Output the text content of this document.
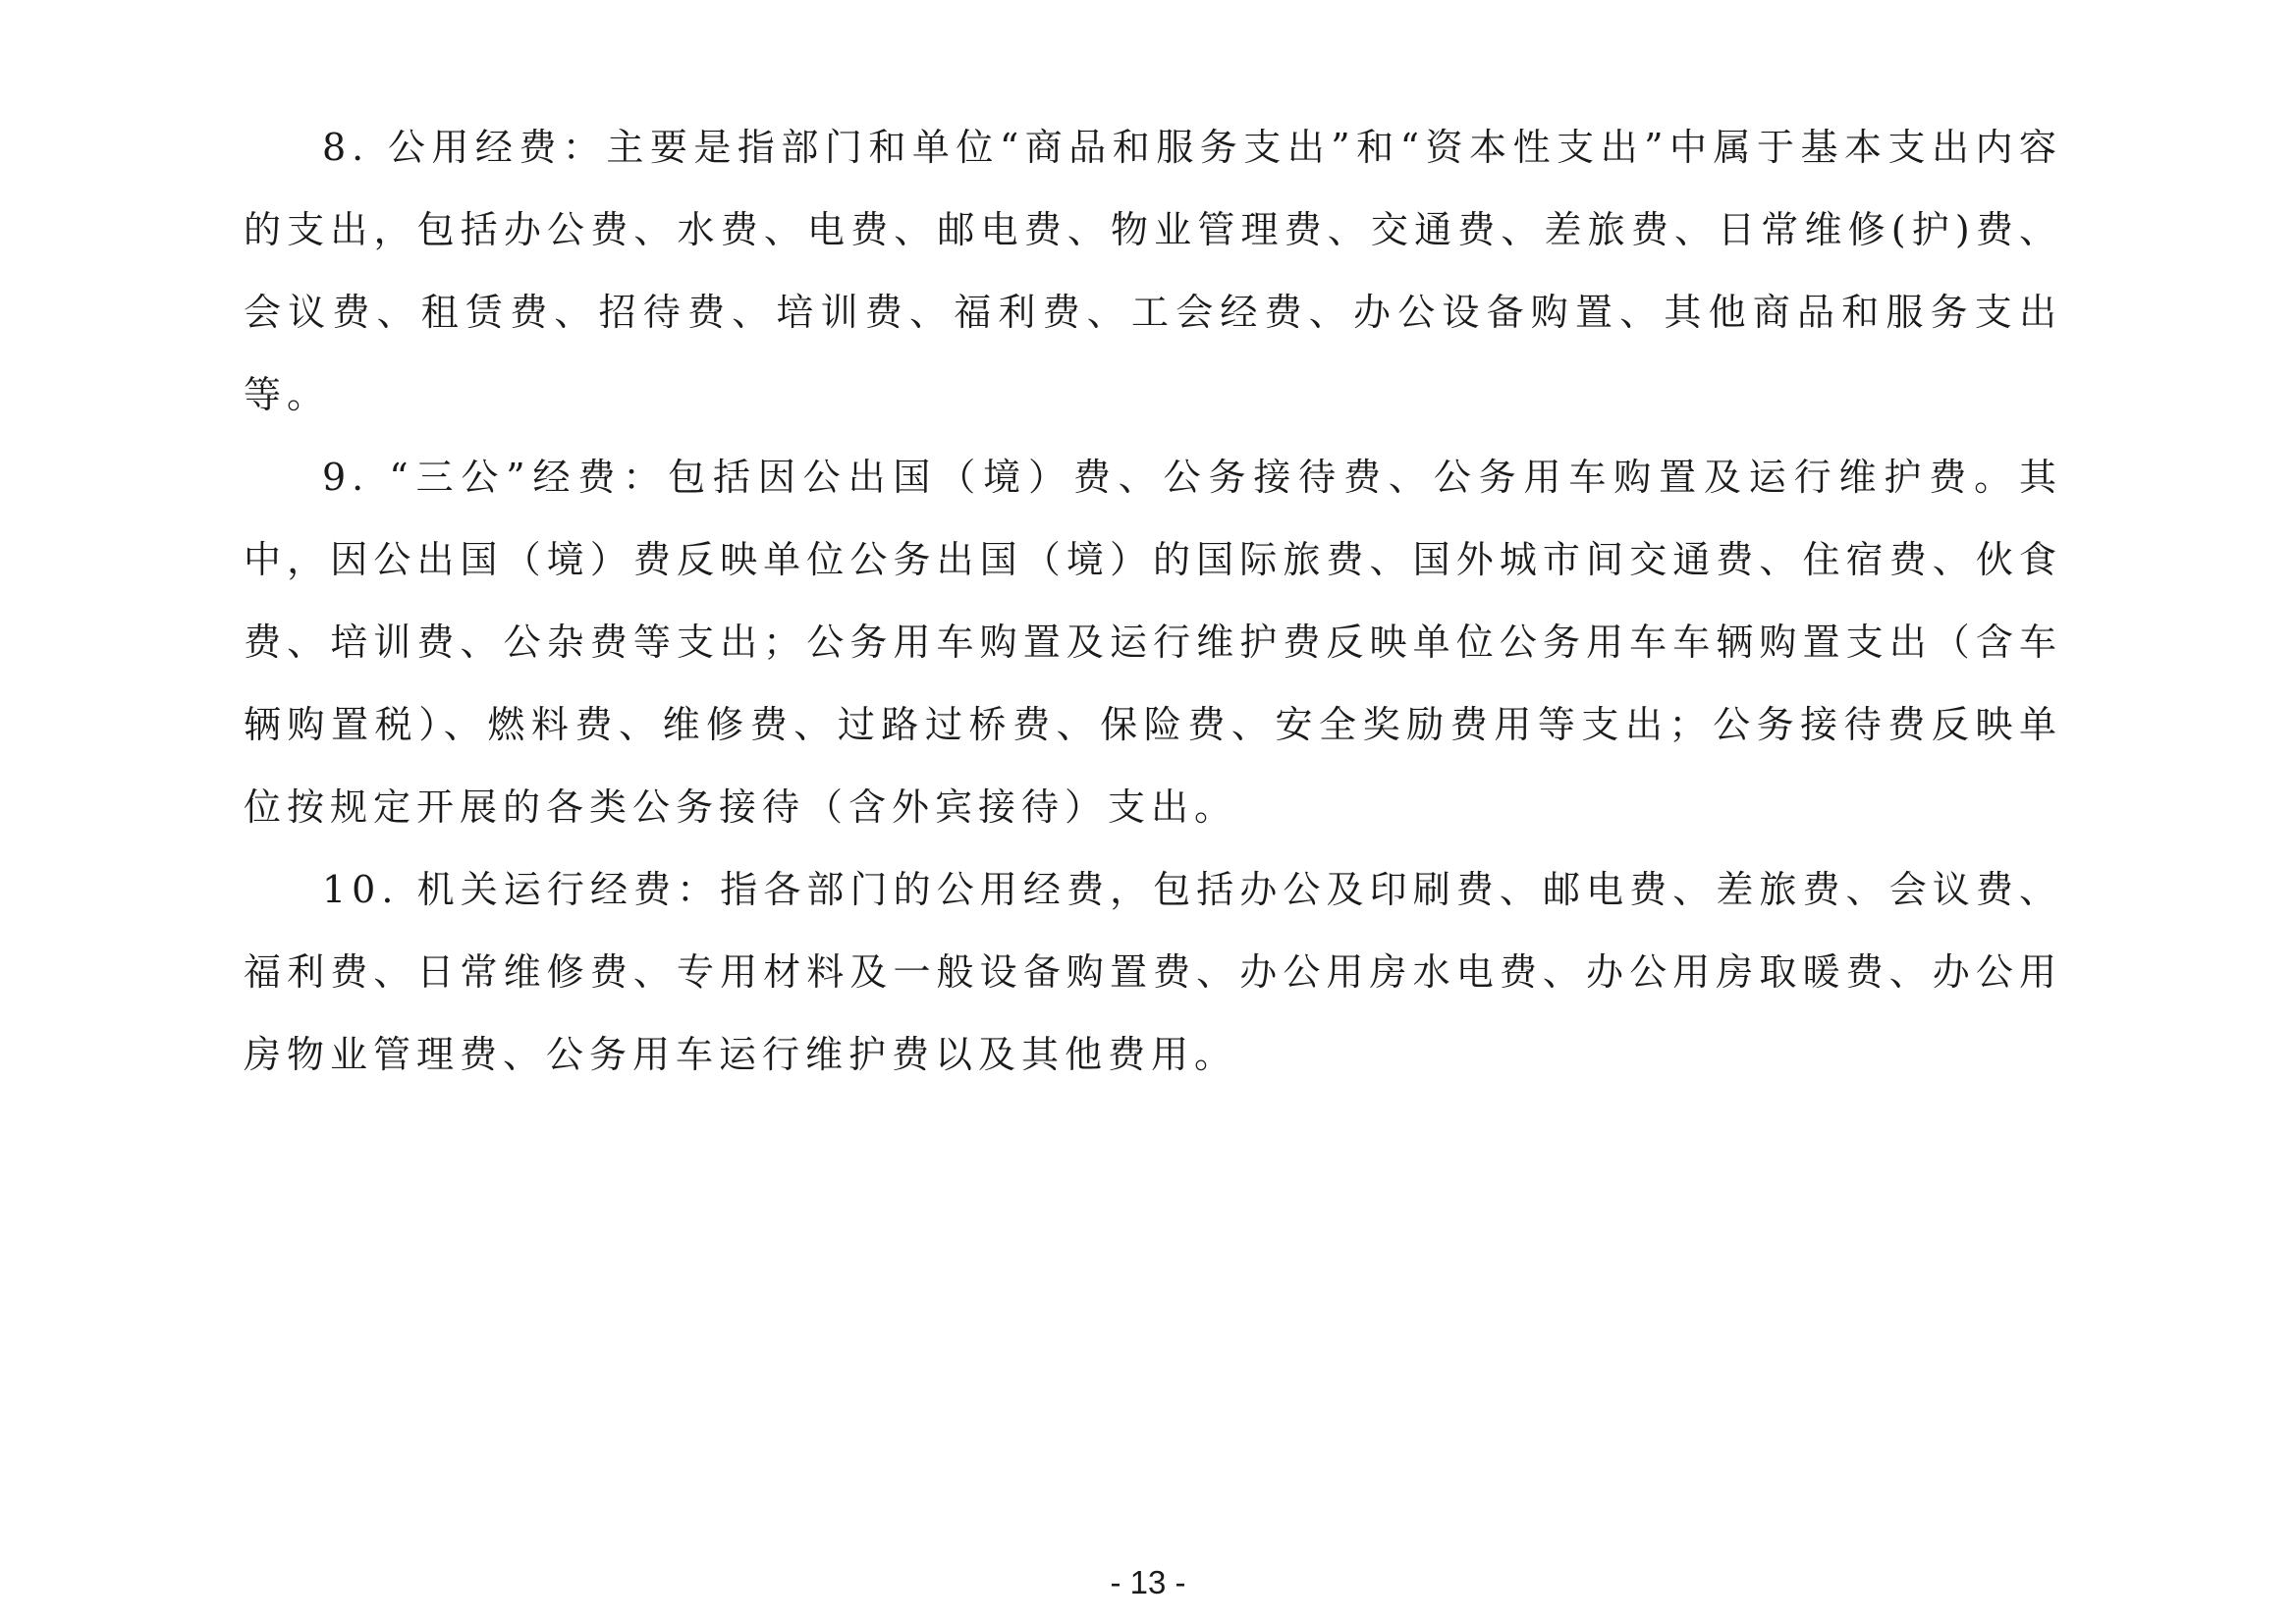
8. 公用经费：主要是指部门和单位“商品和服务支出”和“资本性支出”中属于基本支出内容的支出，包括办公费、水费、电费、邮电费、物业管理费、交通费、差旅费、日常维修(护)费、会议费、租赁费、招待费、培训费、福利费、工会经费、办公设备购置、其他商品和服务支出等。

9. “三公”经费：包括因公出国（境）费、公务接待费、公务用车购置及运行维护费。其中，因公出国（境）费反映单位公务出国（境）的国际旅费、国外城市间交通费、住宿费、伙食费、培训费、公杂费等支出；公务用车购置及运行维护费反映单位公务用车车辆购置支出（含车辆购置税）、燃料费、维修费、过路过桥费、保险费、安全奖励费用等支出；公务接待费反映单位按规定开展的各类公务接待（含外宾接待）支出。

10. 机关运行经费：指各部门的公用经费，包括办公及印刷费、邮电费、差旅费、会议费、福利费、日常维修费、专用材料及一般设备购置费、办公用房水电费、办公用房取暖费、办公用房物业管理费、公务用车运行维护费以及其他费用。

- 13 -
